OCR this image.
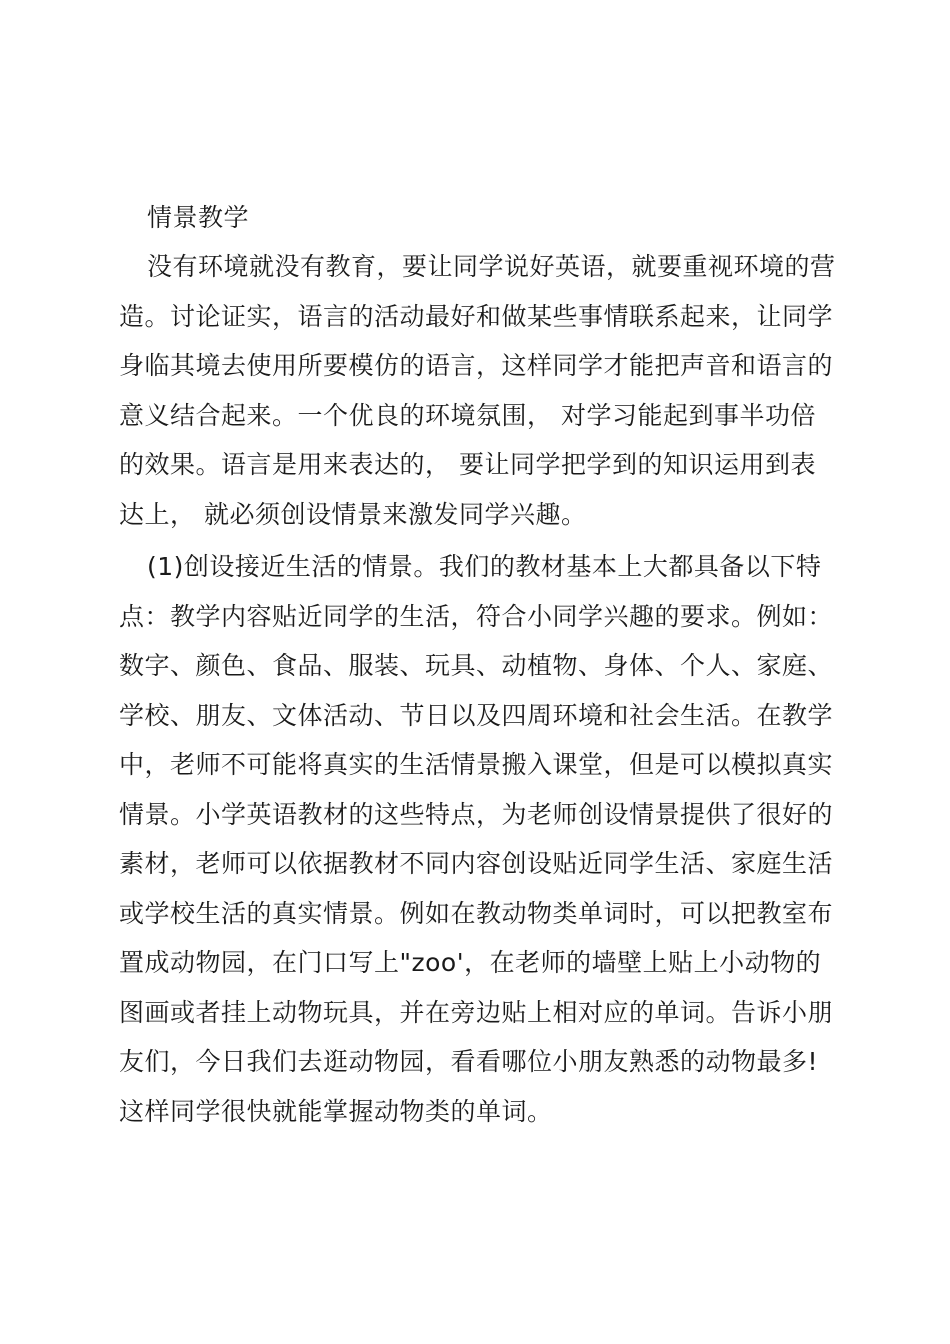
情景教学
没有环境就没有教育，要让同学说好英语，就要重视环境的营
造。讨论证实，语言的活动最好和做某些事情联系起来，让同学
身临其境去使用所要模仿的语言，这样同学才能把声音和语言的
意义结合起来。一个优良的环境氛围， 对学习能起到事半功倍
的效果。语言是用来表达的， 要让同学把学到的知识运用到表
达上， 就必须创设情景来激发同学兴趣。
(1)创设接近生活的情景。我们的教材基本上大都具备以下特
点：教学内容贴近同学的生活，符合小同学兴趣的要求。例如：
数字、颜色、食品、服装、玩具、动植物、身体、个人、家庭、
学校、朋友、文体活动、节日以及四周环境和社会生活。在教学
中，老师不可能将真实的生活情景搬入课堂，但是可以模拟真实
情景。小学英语教材的这些特点，为老师创设情景提供了很好的
素材，老师可以依据教材不同内容创设贴近同学生活、家庭生活
或学校生活的真实情景。例如在教动物类单词时，可以把教室布
置成动物园，在门口写上"zoo'，在老师的墙壁上贴上小动物的
图画或者挂上动物玩具，并在旁边贴上相对应的单词。告诉小朋
友们，今日我们去逛动物园，看看哪位小朋友熟悉的动物最多!
这样同学很快就能掌握动物类的单词。
